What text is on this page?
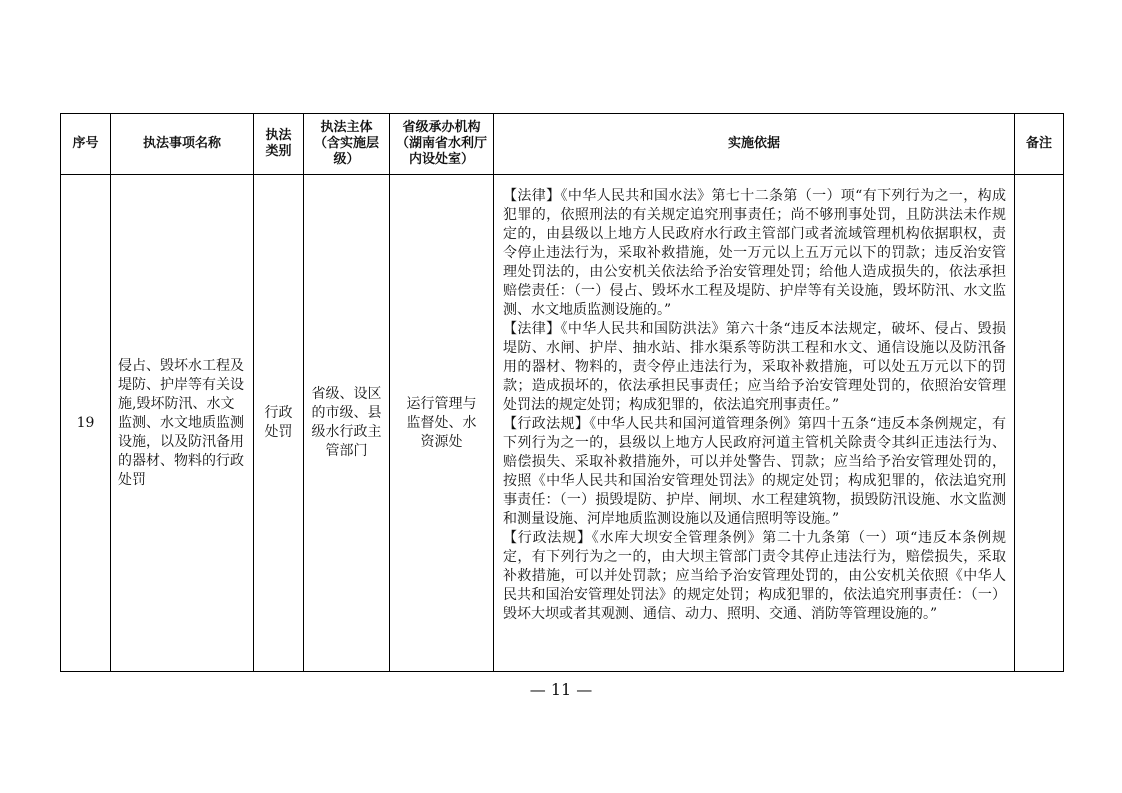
序号	执法事项名称	执法类别	执法主体（含实施层级）	省级承办机构（湖南省水利厅内设处室）	实施依据	备注
19	侵占、毁坏水工程及堤防、护岸等有关设施,毁坏防汛、水文监测、水文地质监测设施，以及防汛备用的器材、物料的行政处罚	行政处罚	省级、设区的市级、县级水行政主管部门	运行管理与监督处、水资源处	【法律】《中华人民共和国水法》第七十二条第（一）项“有下列行为之一，构成犯罪的，依照刑法的有关规定追究刑事责任；尚不够刑事处罚，且防洪法未作规定的，由县级以上地方人民政府水行政主管部门或者流域管理机构依据职权，责令停止违法行为，采取补救措施，处一万元以上五万元以下的罚款；违反治安管理处罚法的，由公安机关依法给予治安管理处罚；给他人造成损失的，依法承担赔偿责任：（一）侵占、毁坏水工程及堤防、护岸等有关设施，毁坏防汛、水文监测、水文地质监测设施的。”

【法律】《中华人民共和国防洪法》第六十条“违反本法规定，破坏、侵占、毁损堤防、水闸、护岸、抽水站、排水渠系等防洪工程和水文、通信设施以及防汛备用的器材、物料的，责令停止违法行为，采取补救措施，可以处五万元以下的罚款；造成损坏的，依法承担民事责任；应当给予治安管理处罚的，依照治安管理处罚法的规定处罚；构成犯罪的，依法追究刑事责任。”

【行政法规】《中华人民共和国河道管理条例》第四十五条“违反本条例规定，有下列行为之一的，县级以上地方人民政府河道主管机关除责令其纠正违法行为、赔偿损失、采取补救措施外，可以并处警告、罚款；应当给予治安管理处罚的，按照《中华人民共和国治安管理处罚法》的规定处罚；构成犯罪的，依法追究刑事责任：（一）损毁堤防、护岸、闸坝、水工程建筑物，损毁防汛设施、水文监测和测量设施、河岸地质监测设施以及通信照明等设施。”

【行政法规】《水库大坝安全管理条例》第二十九条第（一）项“违反本条例规定，有下列行为之一的，由大坝主管部门责令其停止违法行为，赔偿损失，采取补救措施，可以并处罚款；应当给予治安管理处罚的，由公安机关依照《中华人民共和国治安管理处罚法》的规定处罚；构成犯罪的，依法追究刑事责任：（一）毁坏大坝或者其观测、通信、动力、照明、交通、消防等管理设施的。”	

— 11 —
